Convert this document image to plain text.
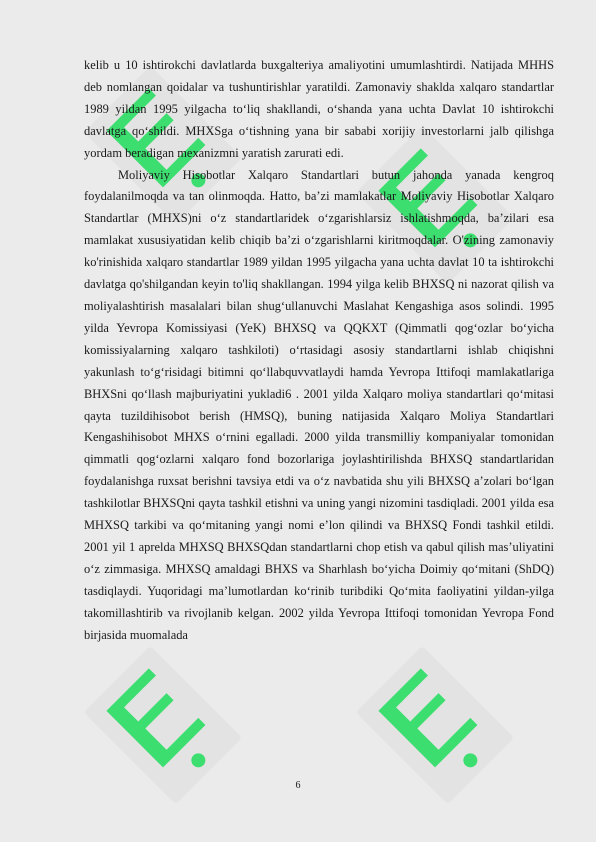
kelib u 10 ishtirokchi davlatlarda buxgalteriya amaliyotini umumlashtirdi. Natijada MHHS deb nomlangan qoidalar va tushuntirishlar yaratildi. Zamonaviy shaklda xalqaro standartlar 1989 yildan 1995 yilgacha to‘liq shakllandi, o‘shanda yana uchta Davlat 10 ishtirokchi davlatga qo‘shildi. MHXSga o‘tishning yana bir sababi xorijiy investorlarni jalb qilishga yordam beradigan mexanizmni yaratish zarurati edi.

Moliyaviy Hisobotlar Xalqaro Standartlari butun jahonda yanada kengroq foydalanilmoqda va tan olinmoqda. Hatto, ba’zi mamlakatlar Moliyaviy Hisobotlar Xalqaro Standartlar (MHXS)ni o‘z standartlaridek o‘zgarishlarsiz ishlatishmoqda, ba’zilari esa mamlakat xususiyatidan kelib chiqib ba’zi o‘zgarishlarni kiritmoqdalar. O'zining zamonaviy ko'rinishida xalqaro standartlar 1989 yildan 1995 yilgacha yana uchta davlat 10 ta ishtirokchi davlatga qo'shilgandan keyin to'liq shakllangan. 1994 yilga kelib BHXSQ ni nazorat qilish va moliyalashtirish masalalari bilan shug‘ullanuvchi Maslahat Kengashiga asos solindi. 1995 yilda Yevropa Komissiyasi (YeK) BHXSQ va QQKXT (Qimmatli qog‘ozlar bo‘yicha komissiyalarning xalqaro tashkiloti) o‘rtasidagi asosiy standartlarni ishlab chiqishni yakunlash to‘g‘risidagi bitimni qo‘llabquvvatlaydi hamda Yevropa Ittifoqi mamlakatlariga BHXSni qo‘llash majburiyatini yukladi6 . 2001 yilda Xalqaro moliya standartlari qo‘mitasi qayta tuzildihisobot berish (HMSQ), buning natijasida Xalqaro Moliya Standartlari Kengashihisobot MHXS o‘rnini egalladi. 2000 yilda transmilliy kompaniyalar tomonidan qimmatli qog‘ozlarni xalqaro fond bozorlariga joylashtirilishda BHXSQ standartlaridan foydalanishga ruxsat berishni tavsiya etdi va o‘z navbatida shu yili BHXSQ a’zolari bo‘lgan tashkilotlar BHXSQni qayta tashkil etishni va uning yangi nizomini tasdiqladi. 2001 yilda esa MHXSQ tarkibi va qo‘mitaning yangi nomi e’lon qilindi va BHXSQ Fondi tashkil etildi. 2001 yil 1 aprelda MHXSQ BHXSQdan standartlarni chop etish va qabul qilish mas’uliyatini o‘z zimmasiga. MHXSQ amaldagi BHXS va Sharhlash bo‘yicha Doimiy qo‘mitani (ShDQ) tasdiqlaydi. Yuqoridagi ma’lumotlardan ko‘rinib turibdiki Qo‘mita faoliyatini yildan-yilga takomillashtirib va rivojlanib kelgan. 2002 yilda Yevropa Ittifoqi tomonidan Yevropa Fond birjasida muomalada

6
